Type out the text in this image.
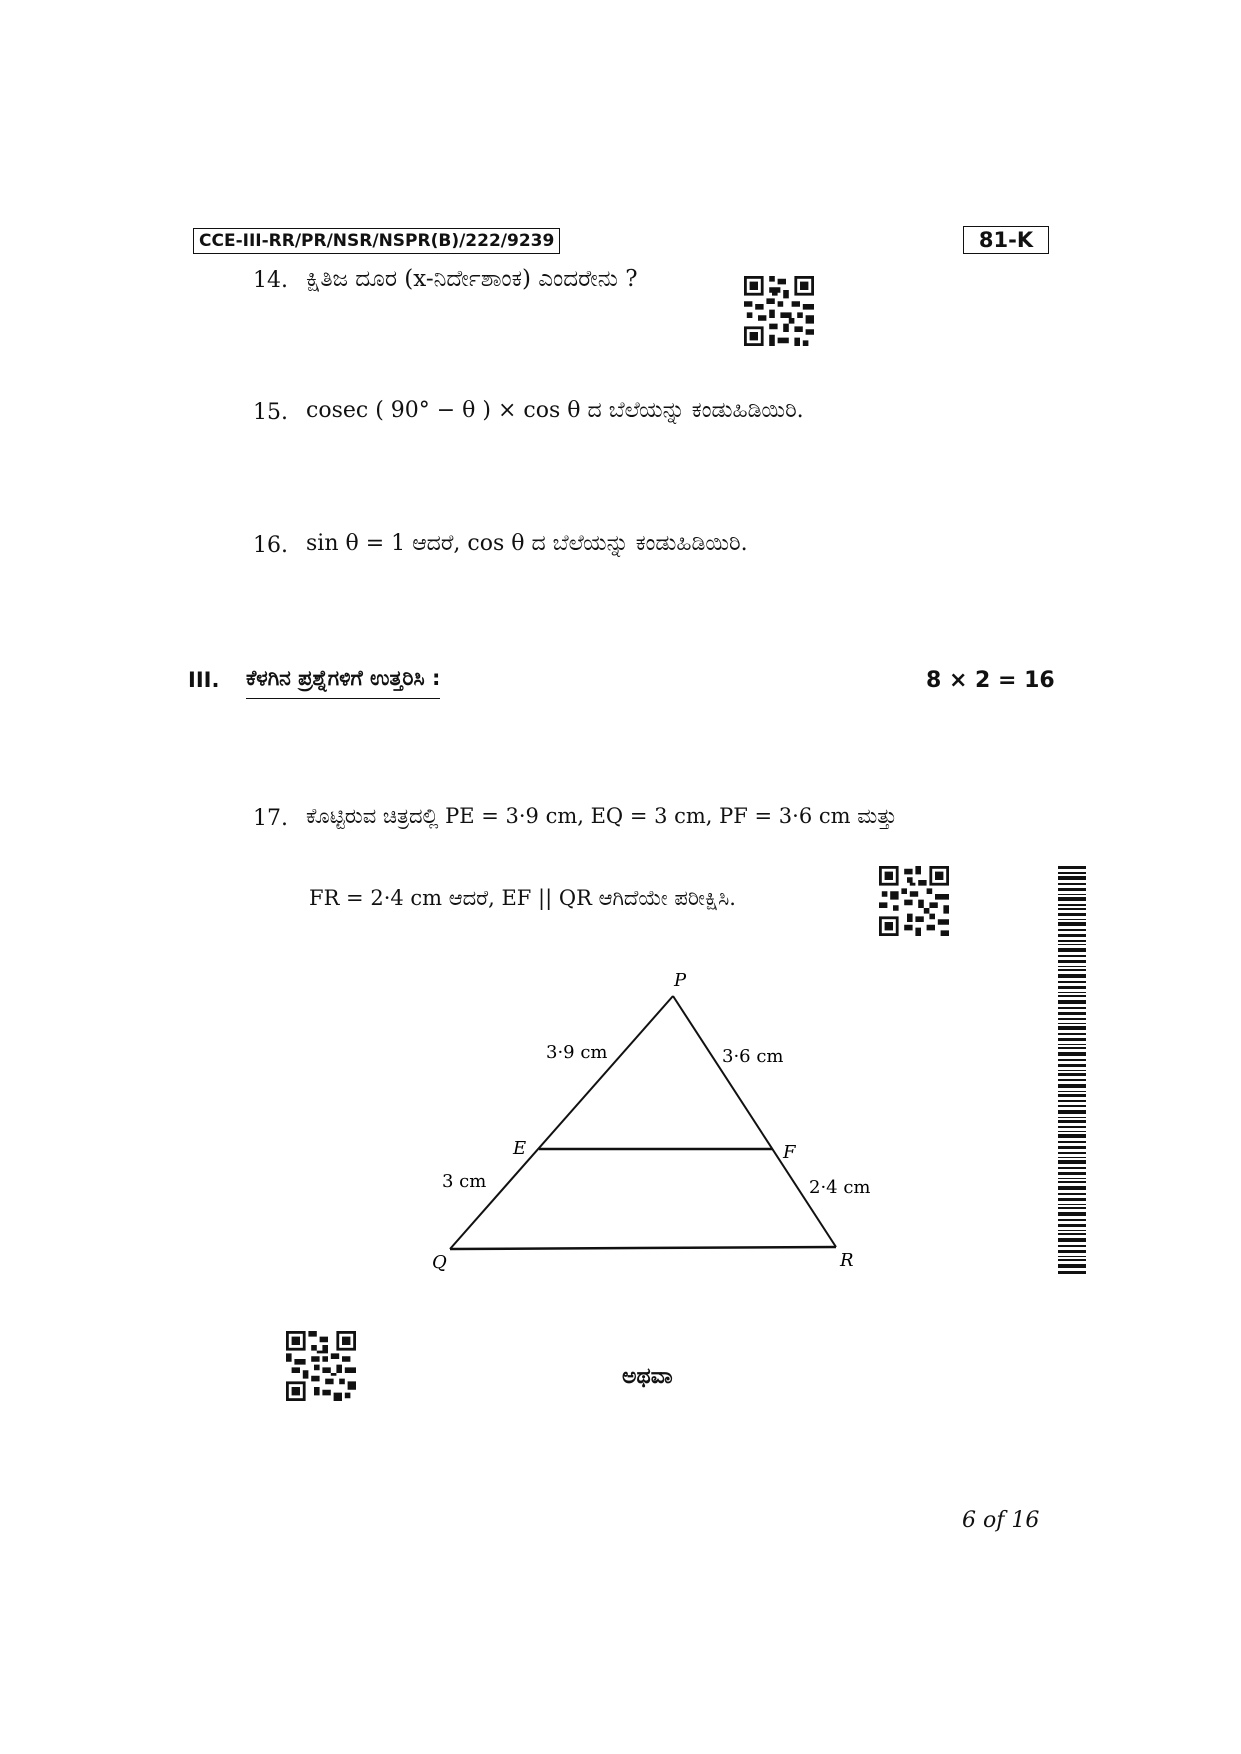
CCE-III-RR/PR/NSR/NSPR(B)/222/9239	81-K
14. ಕ್ಷಿತಿಜ ದೂರ (x-ನಿರ್ದೇಶಾಂಕ) ಎಂದರೇನು ?
15. cosec ( 90° − θ ) × cos θ ದ ಬೆಲೆಯನ್ನು ಕಂಡುಹಿಡಿಯಿರಿ.
16. sin θ = 1 ಆದರೆ, cos θ ದ ಬೆಲೆಯನ್ನು ಕಂಡುಹಿಡಿಯಿರಿ.
III. ಕೆಳಗಿನ ಪ್ರಶ್ನೆಗಳಿಗೆ ಉತ್ತರಿಸಿ :	8 × 2 = 16
17. ಕೊಟ್ಟಿರುವ ಚಿತ್ರದಲ್ಲಿ PE = 3·9 cm, EQ = 3 cm, PF = 3·6 cm ಮತ್ತು
FR = 2·4 cm ಆದರೆ, EF || QR ಆಗಿದೆಯೇ ಪರೀಕ್ಷಿಸಿ.
P
E	F
Q	R
3·9 cm	3·6 cm
3 cm	2·4 cm
ಅಥವಾ
6 of 16
